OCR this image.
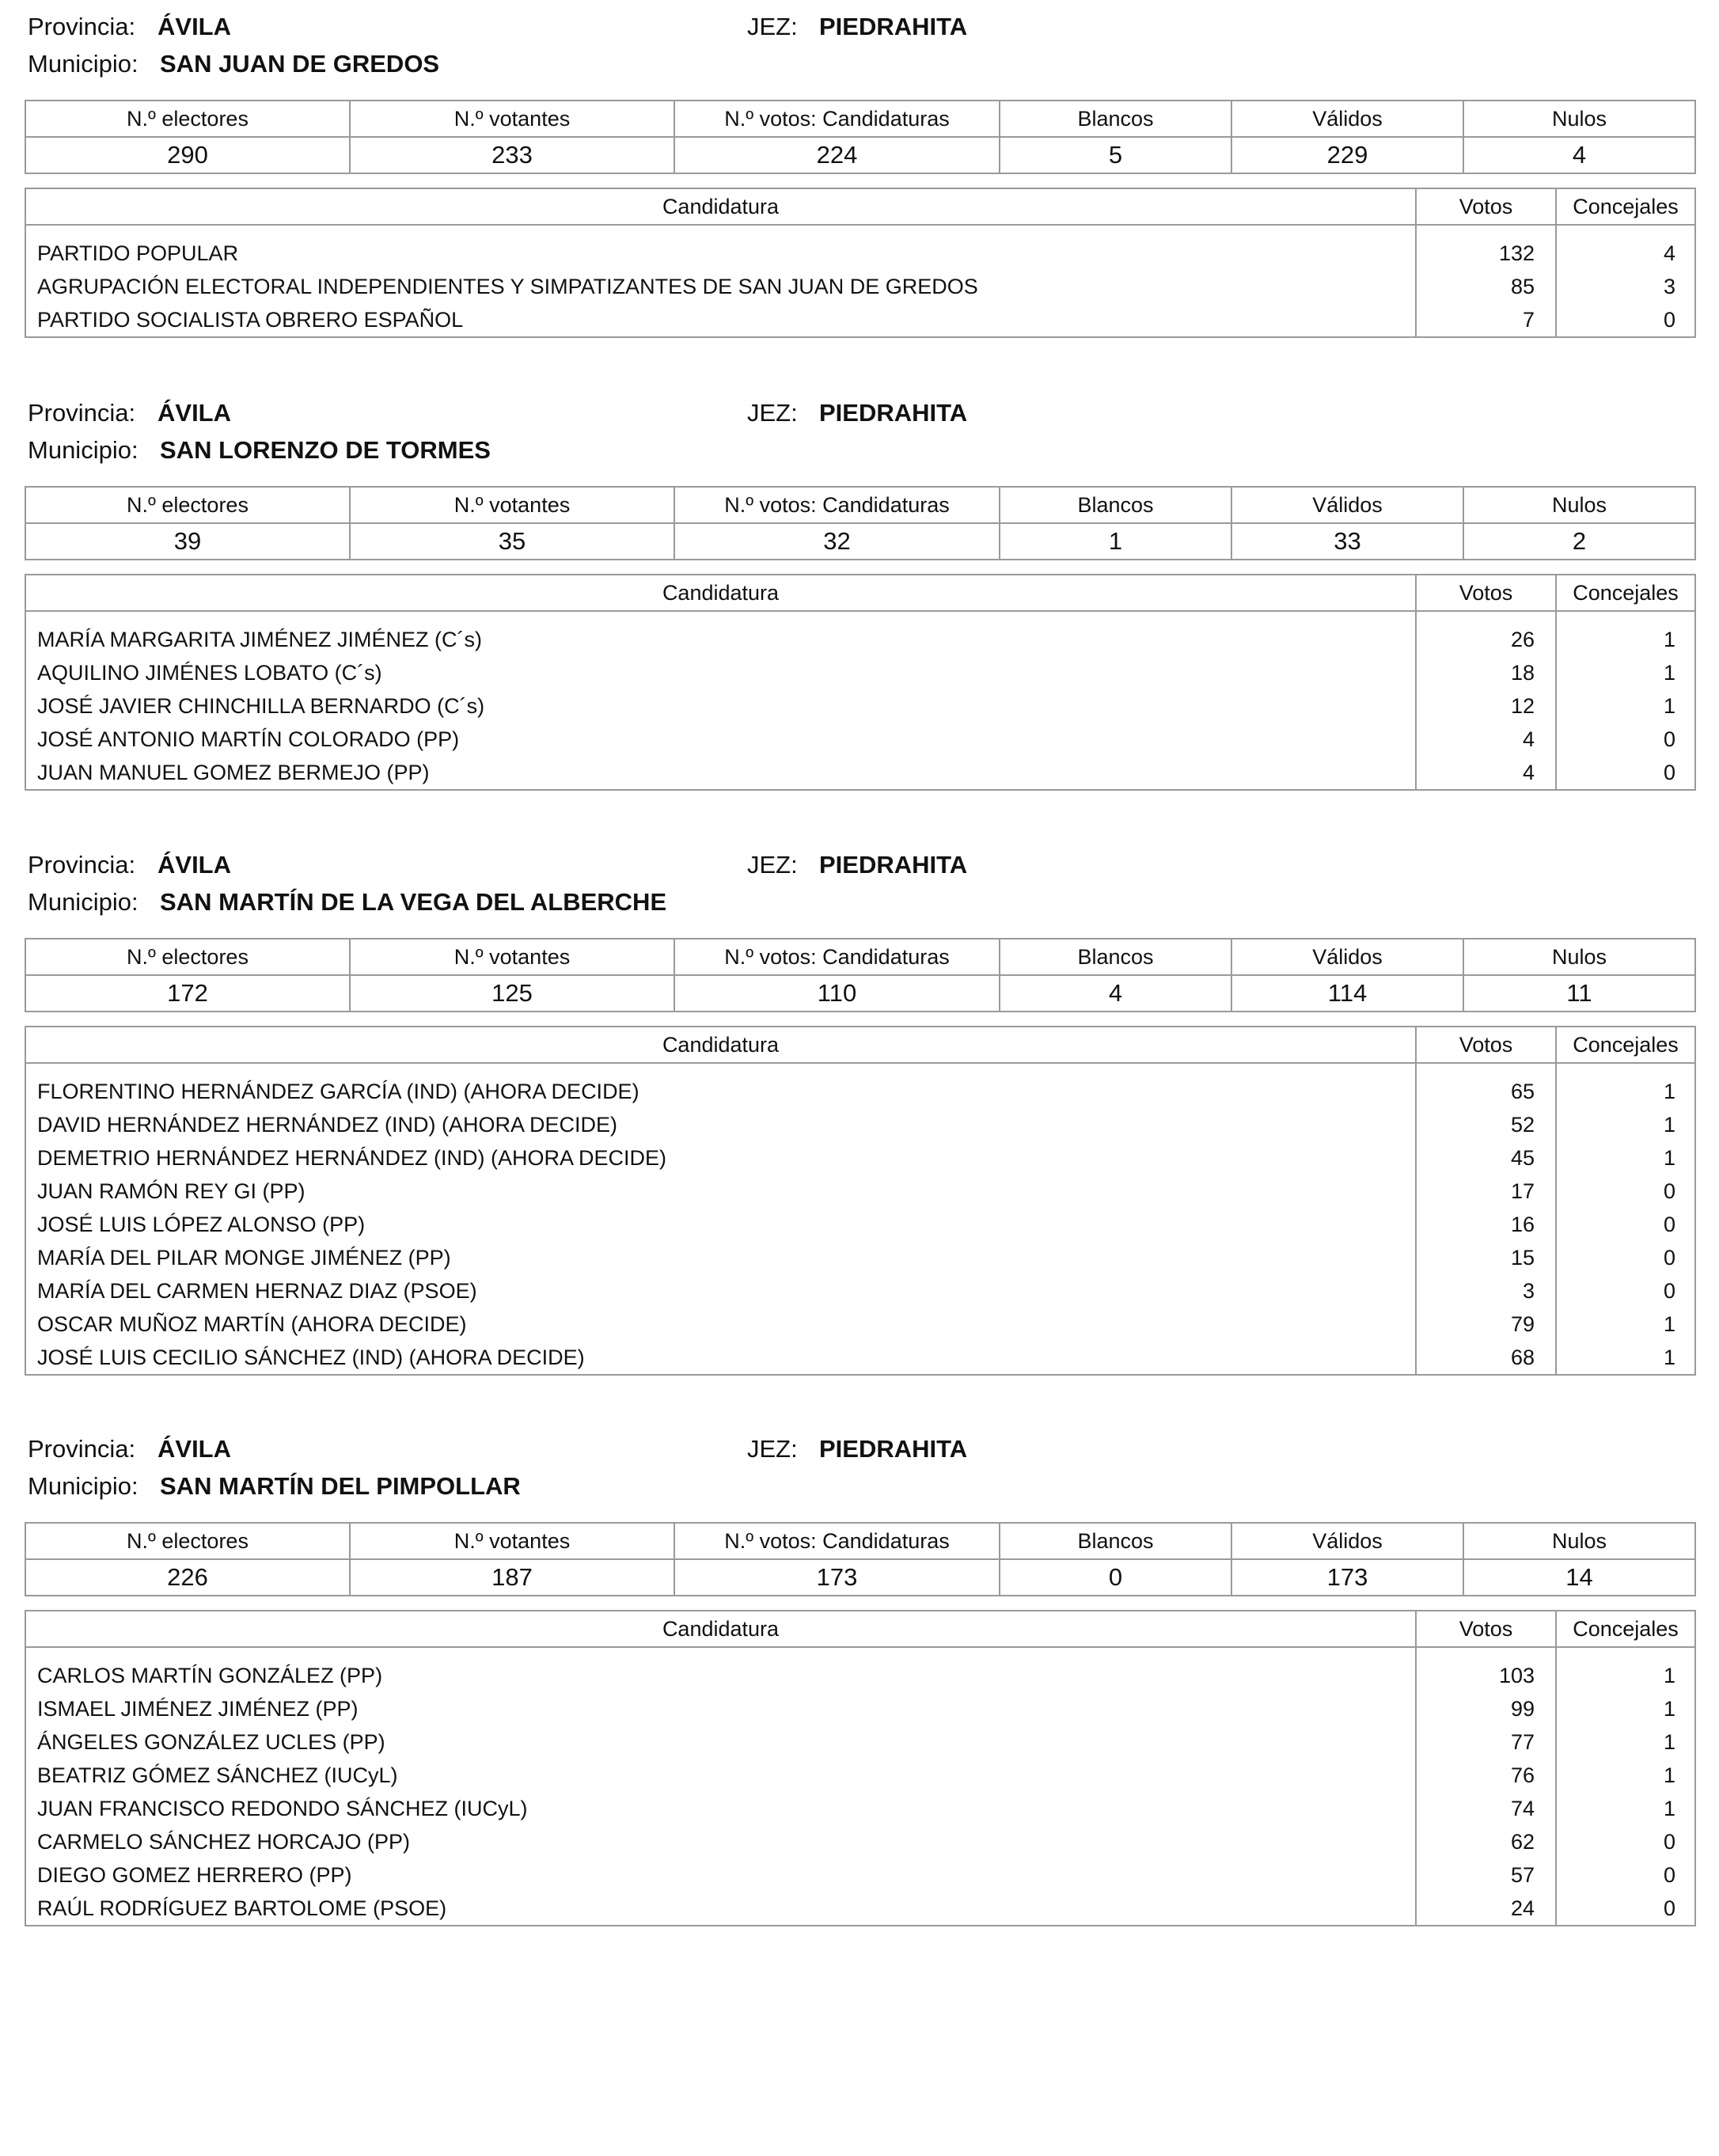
Provincia: ÁVILA	JEZ: PIEDRAHITA
Municipio: SAN JUAN DE GREDOS
N.º electores	N.º votantes	N.º votos: Candidaturas	Blancos	Válidos	Nulos
290	233	224	5	229	4
Candidatura	Votos	Concejales
PARTIDO POPULAR	132	4
AGRUPACIÓN ELECTORAL INDEPENDIENTES Y SIMPATIZANTES DE SAN JUAN DE GREDOS	85	3
PARTIDO SOCIALISTA OBRERO ESPAÑOL	7	0
Provincia: ÁVILA	JEZ: PIEDRAHITA
Municipio: SAN LORENZO DE TORMES
N.º electores	N.º votantes	N.º votos: Candidaturas	Blancos	Válidos	Nulos
39	35	32	1	33	2
Candidatura	Votos	Concejales
MARÍA MARGARITA JIMÉNEZ JIMÉNEZ (C´s)	26	1
AQUILINO JIMÉNES LOBATO (C´s)	18	1
JOSÉ JAVIER CHINCHILLA BERNARDO (C´s)	12	1
JOSÉ ANTONIO MARTÍN COLORADO (PP)	4	0
JUAN MANUEL GOMEZ BERMEJO (PP)	4	0
Provincia: ÁVILA	JEZ: PIEDRAHITA
Municipio: SAN MARTÍN DE LA VEGA DEL ALBERCHE
N.º electores	N.º votantes	N.º votos: Candidaturas	Blancos	Válidos	Nulos
172	125	110	4	114	11
Candidatura	Votos	Concejales
FLORENTINO HERNÁNDEZ GARCÍA (IND) (AHORA DECIDE)	65	1
DAVID HERNÁNDEZ HERNÁNDEZ (IND) (AHORA DECIDE)	52	1
DEMETRIO HERNÁNDEZ HERNÁNDEZ (IND) (AHORA DECIDE)	45	1
JUAN RAMÓN REY GI (PP)	17	0
JOSÉ LUIS LÓPEZ ALONSO (PP)	16	0
MARÍA DEL PILAR MONGE JIMÉNEZ (PP)	15	0
MARÍA DEL CARMEN HERNAZ DIAZ (PSOE)	3	0
OSCAR MUÑOZ MARTÍN (AHORA DECIDE)	79	1
JOSÉ LUIS CECILIO SÁNCHEZ (IND) (AHORA DECIDE)	68	1
Provincia: ÁVILA	JEZ: PIEDRAHITA
Municipio: SAN MARTÍN DEL PIMPOLLAR
N.º electores	N.º votantes	N.º votos: Candidaturas	Blancos	Válidos	Nulos
226	187	173	0	173	14
Candidatura	Votos	Concejales
CARLOS MARTÍN GONZÁLEZ (PP)	103	1
ISMAEL JIMÉNEZ JIMÉNEZ (PP)	99	1
ÁNGELES GONZÁLEZ UCLES (PP)	77	1
BEATRIZ GÓMEZ SÁNCHEZ (IUCyL)	76	1
JUAN FRANCISCO REDONDO SÁNCHEZ (IUCyL)	74	1
CARMELO SÁNCHEZ HORCAJO (PP)	62	0
DIEGO GOMEZ HERRERO (PP)	57	0
RAÚL RODRÍGUEZ BARTOLOME (PSOE)	24	0
